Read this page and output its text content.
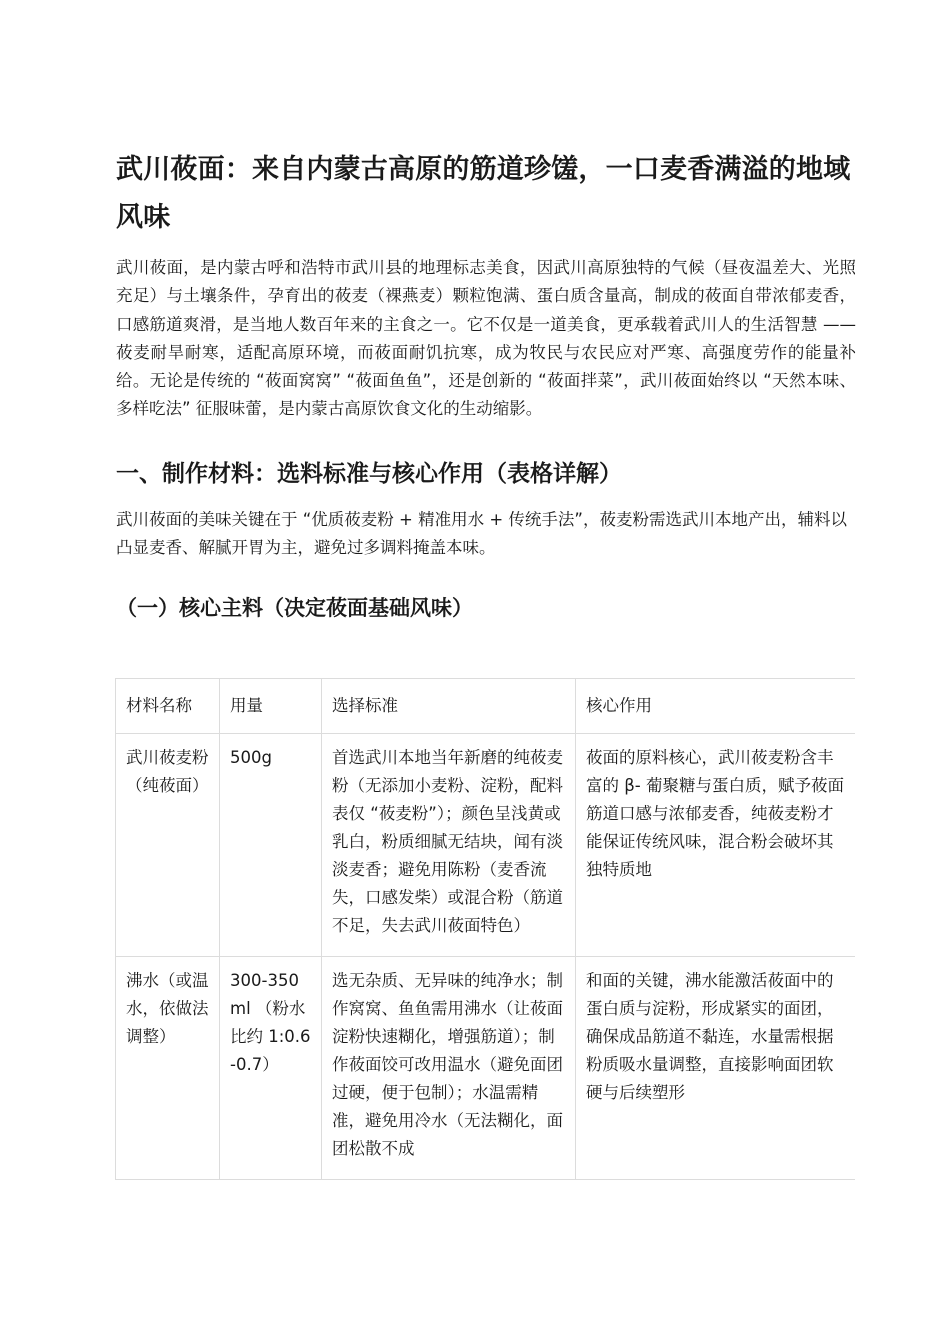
武川莜面：来自内蒙古高原的筋道珍馐，一口麦香满溢的地域风味

武川莜面，是内蒙古呼和浩特市武川县的地理标志美食，因武川高原独特的气候（昼夜温差大、光照充足）与土壤条件，孕育出的莜麦（裸燕麦）颗粒饱满、蛋白质含量高，制成的莜面自带浓郁麦香，口感筋道爽滑，是当地人数百年来的主食之一。它不仅是一道美食，更承载着武川人的生活智慧 —— 莜麦耐旱耐寒，适配高原环境，而莜面耐饥抗寒，成为牧民与农民应对严寒、高强度劳作的能量补给。无论是传统的 “莜面窝窝” “莜面鱼鱼”，还是创新的 “莜面拌菜”，武川莜面始终以 “天然本味、多样吃法” 征服味蕾，是内蒙古高原饮食文化的生动缩影。

一、制作材料：选料标准与核心作用（表格详解）

武川莜面的美味关键在于 “优质莜麦粉 + 精准用水 + 传统手法”，莜麦粉需选武川本地产出，辅料以凸显麦香、解腻开胃为主，避免过多调料掩盖本味。

（一）核心主料（决定莜面基础风味）
材料名称	用量	选择标准	核心作用
武川莜麦粉（纯莜面）	500g	首选武川本地当年新磨的纯莜麦粉（无添加小麦粉、淀粉，配料表仅 “莜麦粉”）；颜色呈浅黄或乳白，粉质细腻无结块，闻有淡淡麦香；避免用陈粉（麦香流失，口感发柴）或混合粉（筋道不足，失去武川莜面特色）	莜面的原料核心，武川莜麦粉含丰富的 β- 葡聚糖与蛋白质，赋予莜面筋道口感与浓郁麦香，纯莜麦粉才能保证传统风味，混合粉会破坏其独特质地
沸水（或温水，依做法调整）	300-350ml （粉水比约 1:0.6-0.7）	选无杂质、无异味的纯净水；制作窝窝、鱼鱼需用沸水（让莜面淀粉快速糊化，增强筋道）；制作莜面饺可改用温水（避免面团过硬，便于包制）；水温需精准，避免用冷水（无法糊化，面团松散不成	和面的关键，沸水能激活莜面中的蛋白质与淀粉，形成紧实的面团，确保成品筋道不黏连，水量需根据粉质吸水量调整，直接影响面团软硬与后续塑形
